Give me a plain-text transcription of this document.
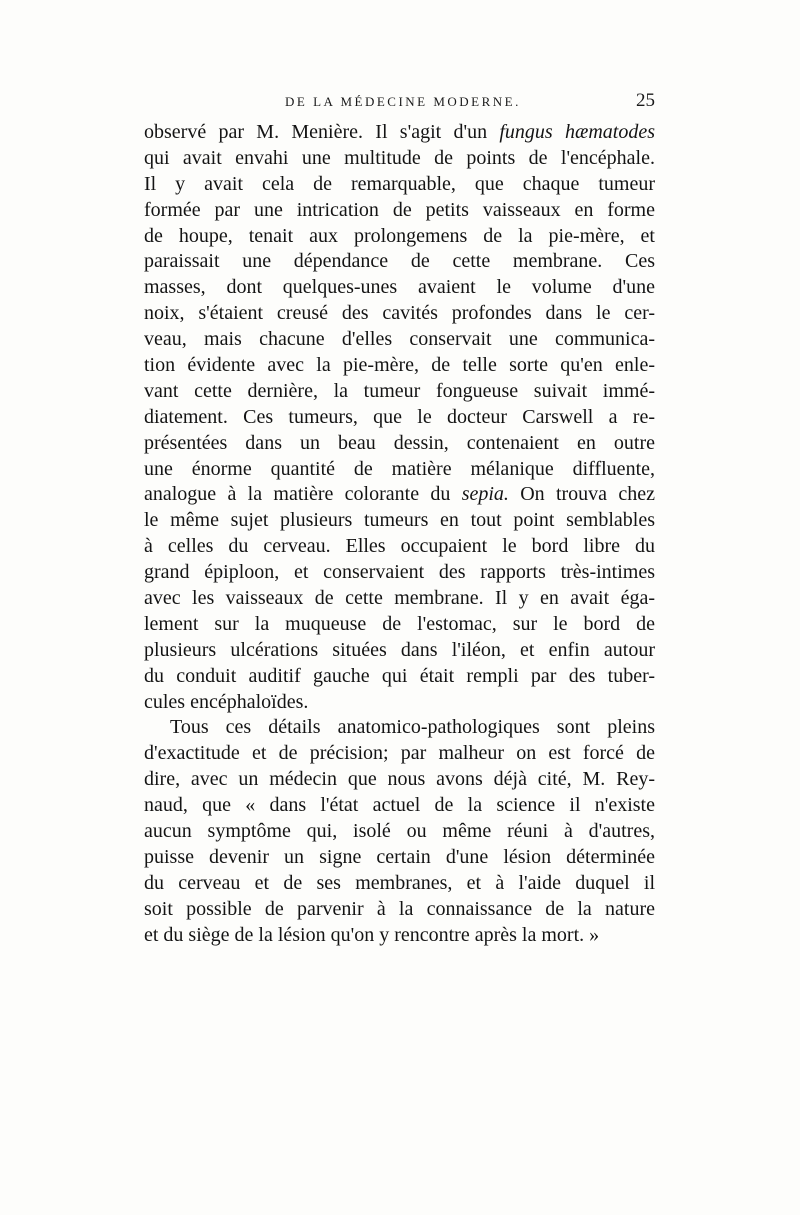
DE LA MÉDECINE MODERNE.	25
observé par M. Menière. Il s'agit d'un fungus hæmatodes
qui avait envahi une multitude de points de l'encéphale.
Il y avait cela de remarquable, que chaque tumeur
formée par une intrication de petits vaisseaux en forme
de houpe, tenait aux prolongemens de la pie-mère, et
paraissait une dépendance de cette membrane. Ces
masses, dont quelques-unes avaient le volume d'une
noix, s'étaient creusé des cavités profondes dans le cer-
veau, mais chacune d'elles conservait une communica-
tion évidente avec la pie-mère, de telle sorte qu'en enle-
vant cette dernière, la tumeur fongueuse suivait immé-
diatement. Ces tumeurs, que le docteur Carswell a re-
présentées dans un beau dessin, contenaient en outre
une énorme quantité de matière mélanique diffluente,
analogue à la matière colorante du sepia. On trouva chez
le même sujet plusieurs tumeurs en tout point semblables
à celles du cerveau. Elles occupaient le bord libre du
grand épiploon, et conservaient des rapports très-intimes
avec les vaisseaux de cette membrane. Il y en avait éga-
lement sur la muqueuse de l'estomac, sur le bord de
plusieurs ulcérations situées dans l'iléon, et enfin autour
du conduit auditif gauche qui était rempli par des tuber-
cules encéphaloïdes.
Tous ces détails anatomico-pathologiques sont pleins
d'exactitude et de précision; par malheur on est forcé de
dire, avec un médecin que nous avons déjà cité, M. Rey-
naud, que « dans l'état actuel de la science il n'existe
aucun symptôme qui, isolé ou même réuni à d'autres,
puisse devenir un signe certain d'une lésion déterminée
du cerveau et de ses membranes, et à l'aide duquel il
soit possible de parvenir à la connaissance de la nature
et du siège de la lésion qu'on y rencontre après la mort. »
